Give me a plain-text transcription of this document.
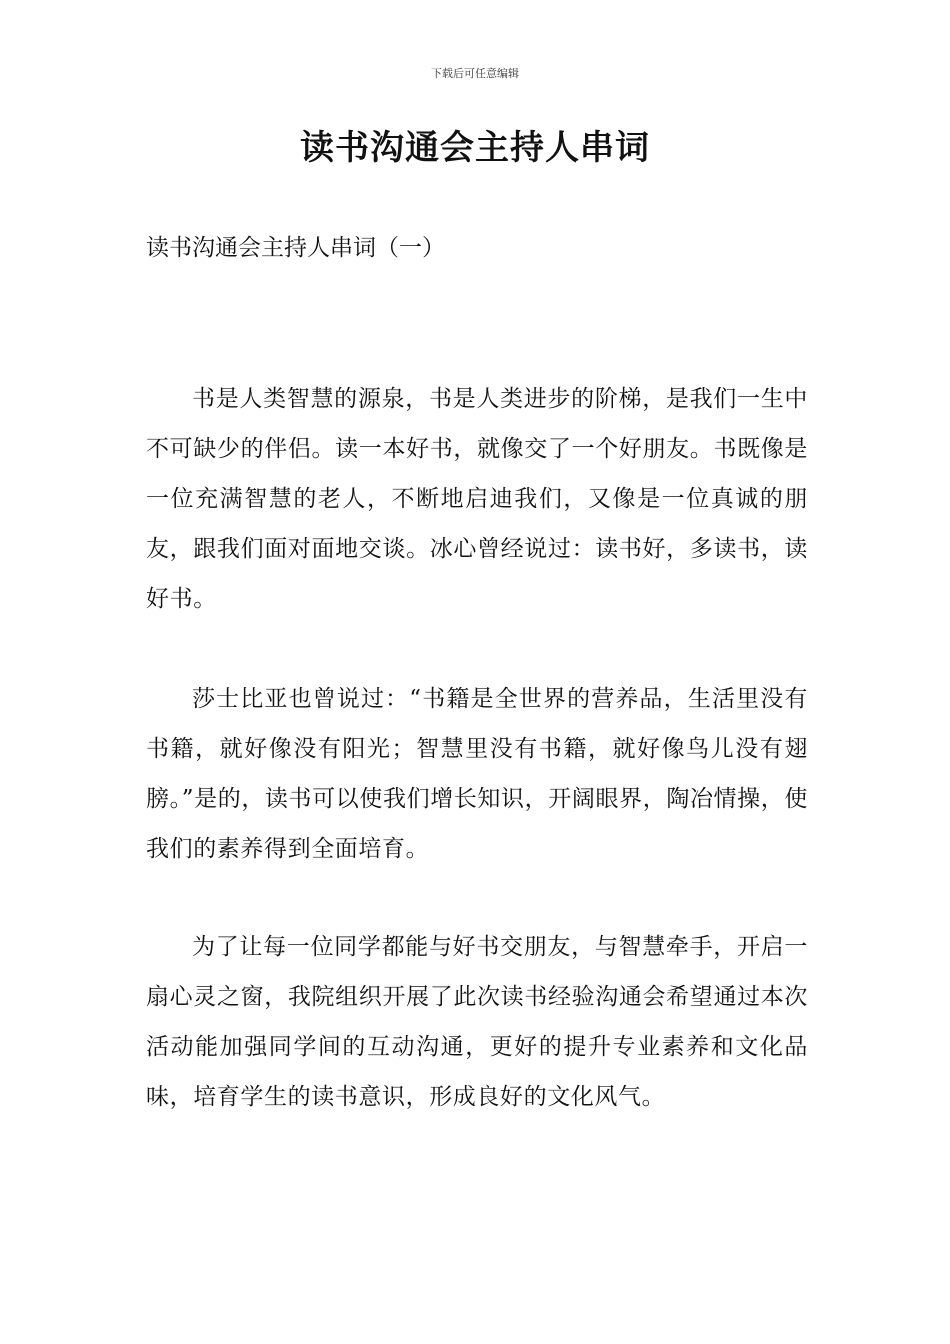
下载后可任意编辑
读书沟通会主持人串词
读书沟通会主持人串词（一）

书是人类智慧的源泉，书是人类进步的阶梯，是我们一生中不可缺少的伴侣。读一本好书，就像交了一个好朋友。书既像是一位充满智慧的老人，不断地启迪我们，又像是一位真诚的朋友，跟我们面对面地交谈。冰心曾经说过：读书好，多读书，读好书。

莎士比亚也曾说过：“书籍是全世界的营养品，生活里没有书籍，就好像没有阳光；智慧里没有书籍，就好像鸟儿没有翅膀。”是的，读书可以使我们增长知识，开阔眼界，陶冶情操，使我们的素养得到全面培育。

为了让每一位同学都能与好书交朋友，与智慧牵手，开启一扇心灵之窗，我院组织开展了此次读书经验沟通会希望通过本次活动能加强同学间的互动沟通，更好的提升专业素养和文化品味，培育学生的读书意识，形成良好的文化风气。
